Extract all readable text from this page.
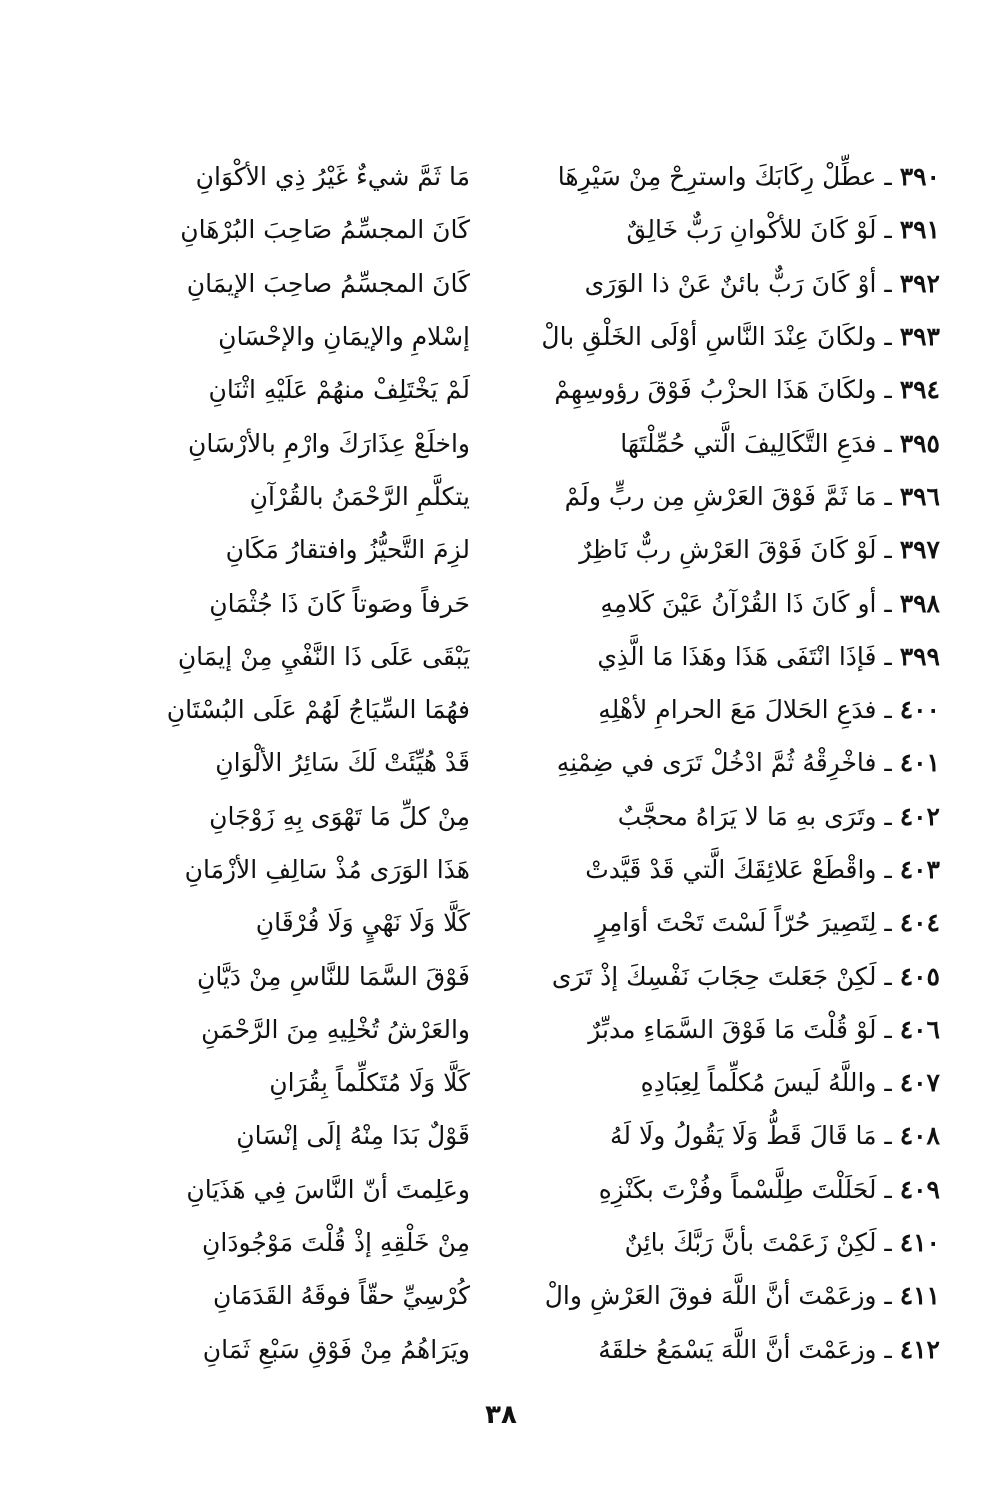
٣٩٠ ـ عطِّلْ رِكَابَكَ واسترِحْ مِنْ سَيْرِهَا
مَا ثَمَّ شيءٌ غَيْرُ ذِي الأكْوَانِ
٣٩١ ـ لَوْ كَانَ للأكْوانِ رَبٌّ خَالِقٌ
كَانَ المجسِّمُ صَاحِبَ البُرْهَانِ
٣٩٢ ـ أوْ كَانَ رَبٌّ بائنٌ عَنْ ذا الوَرَى
كَانَ المجسِّمُ صاحِبَ الإيمَانِ
٣٩٣ ـ ولكَانَ عِنْدَ النَّاسِ أوْلَى الخَلْقِ بالْ
إسْلامِ والإيمَانِ والإحْسَانِ
٣٩٤ ـ ولكَانَ هَذَا الحزْبُ فَوْقَ رؤوسِهِمْ
لَمْ يَخْتَلِفْ منهُمْ عَلَيْهِ اثْنَانِ
٣٩٥ ـ فدَعِ التَّكَالِيفَ الَّتي حُمِّلْتَهَا
واخلَعْ عِذَارَكَ وارْمِ بالأرْسَانِ
٣٩٦ ـ مَا ثَمَّ فَوْقَ العَرْشِ مِن ربٍّ ولَمْ
يتكلَّمِ الرَّحْمَنُ بالقُرْآنِ
٣٩٧ ـ لَوْ كَانَ فَوْقَ العَرْشِ ربٌّ نَاظِرٌ
لزِمَ التَّحيُّزُ وافتقارُ مَكَانِ
٣٩٨ ـ أو كَانَ ذَا القُرْآنُ عَيْنَ كَلامِهِ
حَرفاً وصَوتاً كَانَ ذَا جُثْمَانِ
٣٩٩ ـ فَإذَا انْتَفَى هَذَا وهَذَا مَا الَّذِي
يَبْقَى عَلَى ذَا النَّفْيِ مِنْ إيمَانِ
٤٠٠ ـ فدَعِ الحَلالَ مَعَ الحرامِ لأهْلِهِ
فهُمَا السِّيَاجُ لَهُمْ عَلَى البُسْتَانِ
٤٠١ ـ فاخْرِقْهُ ثُمَّ ادْخُلْ تَرَى في ضِمْنِهِ
قَدْ هُيِّئَتْ لَكَ سَائِرُ الألْوَانِ
٤٠٢ ـ وتَرَى بهِ مَا لا يَرَاهُ محجَّبٌ
مِنْ كلِّ مَا تَهْوَى بِهِ زَوْجَانِ
٤٠٣ ـ واقْطَعْ عَلائِقَكَ الَّتي قَدْ قَيَّدتْ
هَذَا الوَرَى مُذْ سَالِفِ الأزْمَانِ
٤٠٤ ـ لِتَصِيرَ حُرّاً لَسْتَ تَحْتَ أوَامِرٍ
كَلَّا وَلَا نَهْيٍ وَلَا فُرْقَانِ
٤٠٥ ـ لَكِنْ جَعَلتَ حِجَابَ نَفْسِكَ إذْ تَرَى
فَوْقَ السَّمَا للنَّاسِ مِنْ دَيَّانِ
٤٠٦ ـ لَوْ قُلْتَ مَا فَوْقَ السَّمَاءِ مدبِّرٌ
والعَرْشُ تُخْلِيهِ مِنَ الرَّحْمَنِ
٤٠٧ ـ واللَّهُ لَيسَ مُكلِّماً لِعِبَادِهِ
كَلَّا وَلَا مُتَكلِّماً بِقُرَانِ
٤٠٨ ـ مَا قَالَ قَطُّ وَلَا يَقُولُ ولَا لَهُ
قَوْلٌ بَدَا مِنْهُ إلَى إنْسَانِ
٤٠٩ ـ لَحَلَلْتَ طِلَّسْماً وفُزْتَ بكَنْزِهِ
وعَلِمتَ أنّ النَّاسَ فِي هَذَيَانِ
٤١٠ ـ لَكِنْ زَعَمْتَ بأنَّ رَبَّكَ بائِنٌ
مِنْ خَلْقِهِ إذْ قُلْتَ مَوْجُودَانِ
٤١١ ـ وزعَمْتَ أنَّ اللَّهَ فوقَ العَرْشِ والْ
كُرْسِيِّ حقّاً فوقَهُ القَدَمَانِ
٤١٢ ـ وزعَمْتَ أنَّ اللَّهَ يَسْمَعُ خلقَهُ
ويَرَاهُمُ مِنْ فَوْقِ سَبْعِ ثَمَانِ
٣٨
